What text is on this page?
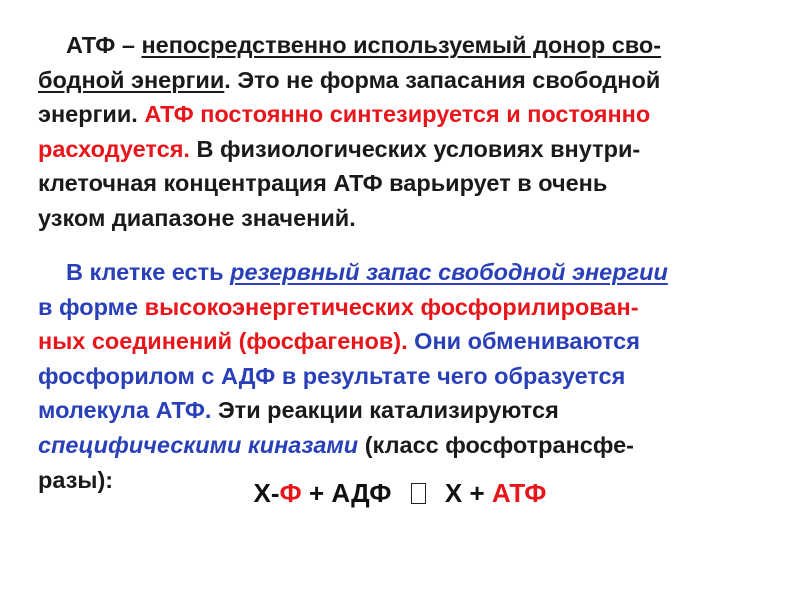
АТФ – непосредственно используемый донор сво-
бодной энергии. Это не форма запасания свободной
энергии. АТФ постоянно синтезируется и постоянно
расходуется. В физиологических условиях внутри-
клеточная концентрация АТФ варьирует в очень
узком диапазоне значений.

В клетке есть резервный запас свободной энергии
в форме высокоэнергетических фосфорилирован-
ных соединений (фосфагенов). Они обмениваются
фосфорилом с АДФ в результате чего образуется
молекула АТФ. Эти реакции катализируются
специфическими киназами (класс фосфотрансфе-
разы):	Х-Ф + АДФ  Х + АТФ
